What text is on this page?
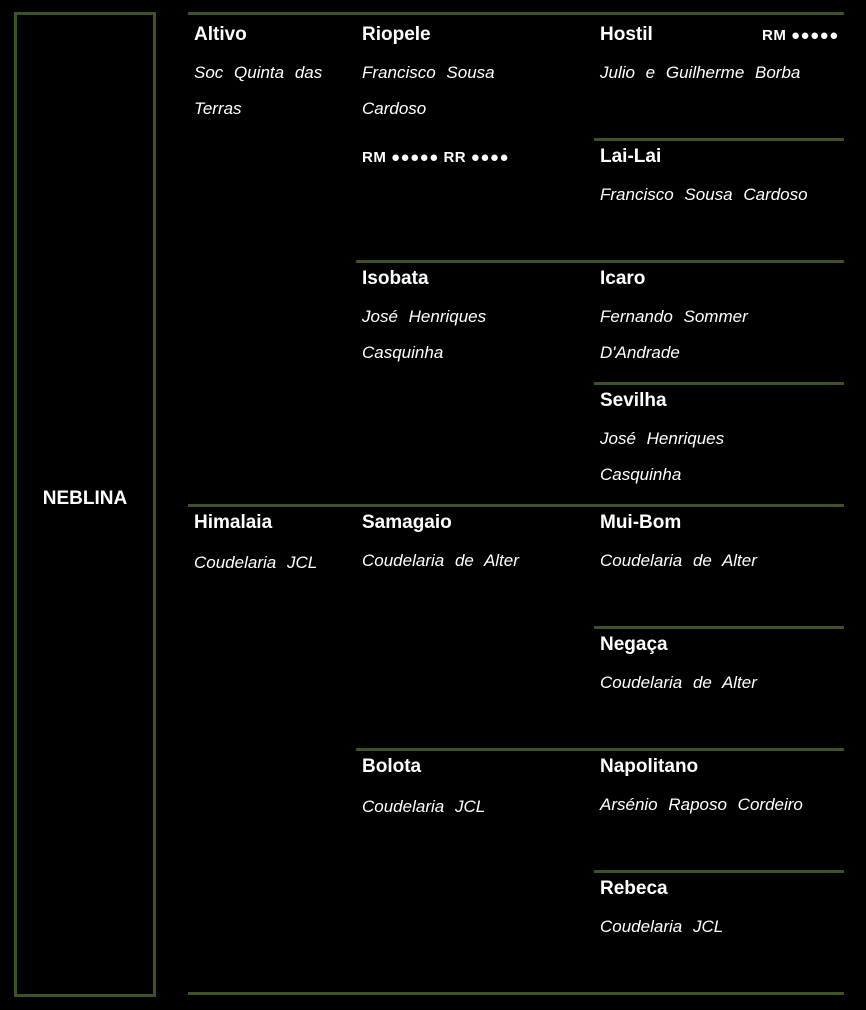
NEBLINA
Altivo
Soc Quinta das Terras
Himalaia
Coudelaria JCL
Riopele
Francisco Sousa Cardoso
RM ●●●●● RR ●●●●
Isobata
José Henriques Casquinha
Samagaio
Coudelaria de Alter
Bolota
Coudelaria JCL
Hostil	RM ●●●●●
Julio e Guilherme Borba
Lai-Lai
Francisco Sousa Cardoso
Icaro
Fernando Sommer D'Andrade
Sevilha
José Henriques Casquinha
Mui-Bom
Coudelaria de Alter
Negaça
Coudelaria de Alter
Napolitano
Arsénio Raposo Cordeiro
Rebeca
Coudelaria JCL
